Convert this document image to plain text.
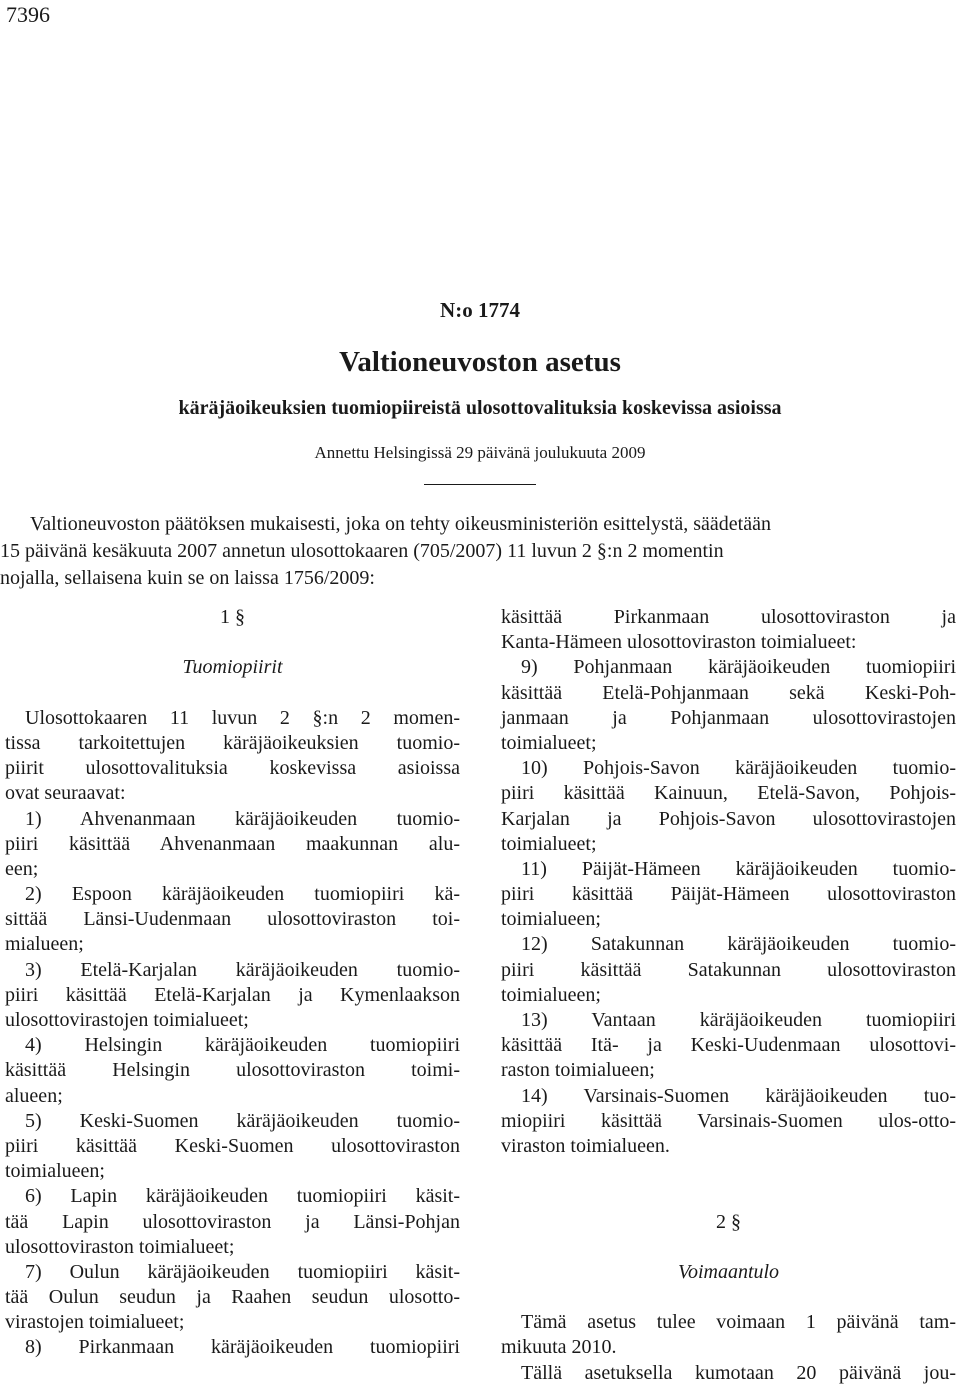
7396
N:o 1774
Valtioneuvoston asetus
käräjäoikeuksien tuomiopiireistä ulosottovalituksia koskevissa asioissa
Annettu Helsingissä 29 päivänä joulukuuta 2009
Valtioneuvoston päätöksen mukaisesti, joka on tehty oikeusministeriön esittelystä, säädetään
15 päivänä kesäkuuta 2007 annetun ulosottokaaren (705/2007) 11 luvun 2 §:n 2 momentin
nojalla, sellaisena kuin se on laissa 1756/2009:
1 §

Tuomiopiirit

Ulosottokaaren 11 luvun 2 §:n 2 momen-
tissa tarkoitettujen käräjäoikeuksien tuomio-
piirit ulosottovalituksia koskevissa asioissa
ovat seuraavat:
1) Ahvenanmaan käräjäoikeuden tuomio-
piiri käsittää Ahvenanmaan maakunnan alu-
een;
2) Espoon käräjäoikeuden tuomiopiiri kä-
sittää Länsi-Uudenmaan ulosottoviraston toi-
mialueen;
3) Etelä-Karjalan käräjäoikeuden tuomio-
piiri käsittää Etelä-Karjalan ja Kymenlaakson
ulosottovirastojen toimialueet;
4) Helsingin käräjäoikeuden tuomiopiiri
käsittää Helsingin ulosottoviraston toimi-
alueen;
5) Keski-Suomen käräjäoikeuden tuomio-
piiri käsittää Keski-Suomen ulosottoviraston
toimialueen;
6) Lapin käräjäoikeuden tuomiopiiri käsit-
tää Lapin ulosottoviraston ja Länsi-Pohjan
ulosottoviraston toimialueet;
7) Oulun käräjäoikeuden tuomiopiiri käsit-
tää Oulun seudun ja Raahen seudun ulosotto-
virastojen toimialueet;
8) Pirkanmaan käräjäoikeuden tuomiopiiri
käsittää Pirkanmaan ulosottoviraston ja
Kanta-Hämeen ulosottoviraston toimialueet:
9) Pohjanmaan käräjäoikeuden tuomiopiiri
käsittää Etelä-Pohjanmaan sekä Keski-Poh-
janmaan ja Pohjanmaan ulosottovirastojen
toimialueet;
10) Pohjois-Savon käräjäoikeuden tuomio-
piiri käsittää Kainuun, Etelä-Savon, Pohjois-
Karjalan ja Pohjois-Savon ulosottovirastojen
toimialueet;
11) Päijät-Hämeen käräjäoikeuden tuomio-
piiri käsittää Päijät-Hämeen ulosottoviraston
toimialueen;
12) Satakunnan käräjäoikeuden tuomio-
piiri käsittää Satakunnan ulosottoviraston
toimialueen;
13) Vantaan käräjäoikeuden tuomiopiiri
käsittää Itä- ja Keski-Uudenmaan ulosottovi-
raston toimialueen;
14) Varsinais-Suomen käräjäoikeuden tuo-
miopiiri käsittää Varsinais-Suomen ulos-otto-
viraston toimialueen.

2 §

Voimaantulo

Tämä asetus tulee voimaan 1 päivänä tam-
mikuuta 2010.
Tällä asetuksella kumotaan 20 päivänä jou-
